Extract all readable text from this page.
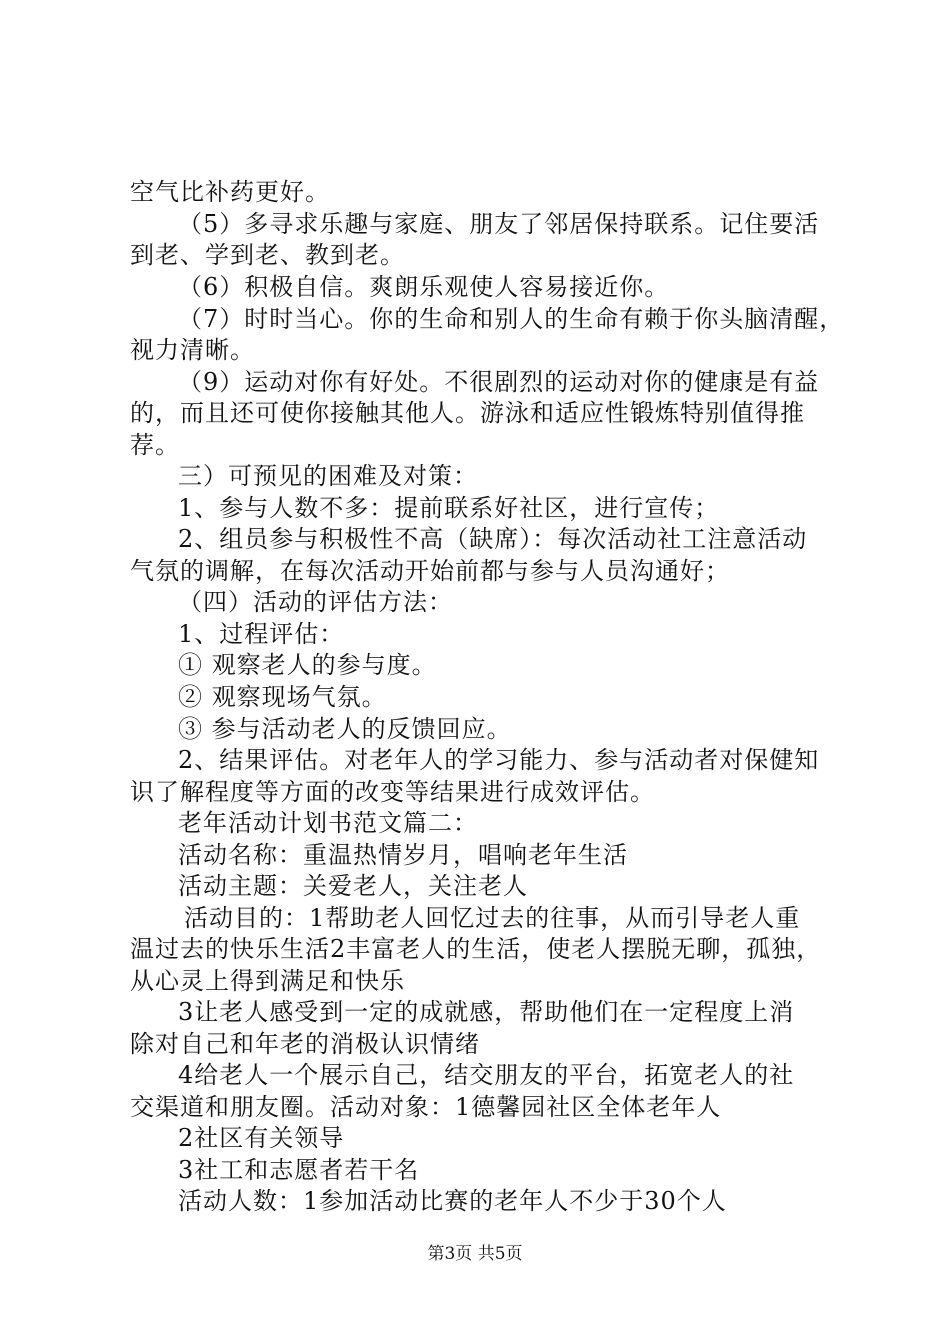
空气比补药更好。
（5）多寻求乐趣与家庭、朋友了邻居保持联系。记住要活
到老、学到老、教到老。
（6）积极自信。爽朗乐观使人容易接近你。
（7）时时当心。你的生命和别人的生命有赖于你头脑清醒，
视力清晰。
（9）运动对你有好处。不很剧烈的运动对你的健康是有益
的，而且还可使你接触其他人。游泳和适应性锻炼特别值得推
荐。
三）可预见的困难及对策：
1、参与人数不多：提前联系好社区，进行宣传；
2、组员参与积极性不高（缺席）：每次活动社工注意活动
气氛的调解，在每次活动开始前都与参与人员沟通好；
（四）活动的评估方法：
1、过程评估：
① 观察老人的参与度。
② 观察现场气氛。
③ 参与活动老人的反馈回应。
2、结果评估。对老年人的学习能力、参与活动者对保健知
识了解程度等方面的改变等结果进行成效评估。
老年活动计划书范文篇二：
活动名称：重温热情岁月，唱响老年生活
活动主题：关爱老人，关注老人
活动目的：1帮助老人回忆过去的往事，从而引导老人重
温过去的快乐生活2丰富老人的生活，使老人摆脱无聊，孤独，
从心灵上得到满足和快乐
3让老人感受到一定的成就感，帮助他们在一定程度上消
除对自己和年老的消极认识情绪
4给老人一个展示自己，结交朋友的平台，拓宽老人的社
交渠道和朋友圈。活动对象：1德馨园社区全体老年人
2社区有关领导
3社工和志愿者若干名
活动人数：1参加活动比赛的老年人不少于30个人
第3页 共5页
